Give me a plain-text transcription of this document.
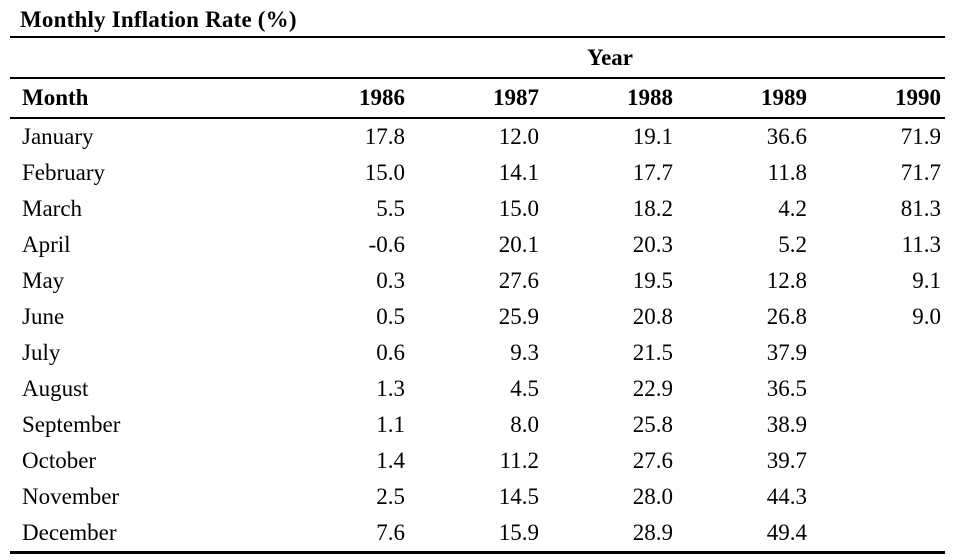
Monthly Inflation Rate (%)
	Year				
Month	1986	1987	1988	1989	1990
January	17.8	12.0	19.1	36.6	71.9
February	15.0	14.1	17.7	11.8	71.7
March	5.5	15.0	18.2	4.2	81.3
April	-0.6	20.1	20.3	5.2	11.3
May	0.3	27.6	19.5	12.8	9.1
June	0.5	25.9	20.8	26.8	9.0
July	0.6	9.3	21.5	37.9	
August	1.3	4.5	22.9	36.5	
September	1.1	8.0	25.8	38.9	
October	1.4	11.2	27.6	39.7	
November	2.5	14.5	28.0	44.3	
December	7.6	15.9	28.9	49.4	
